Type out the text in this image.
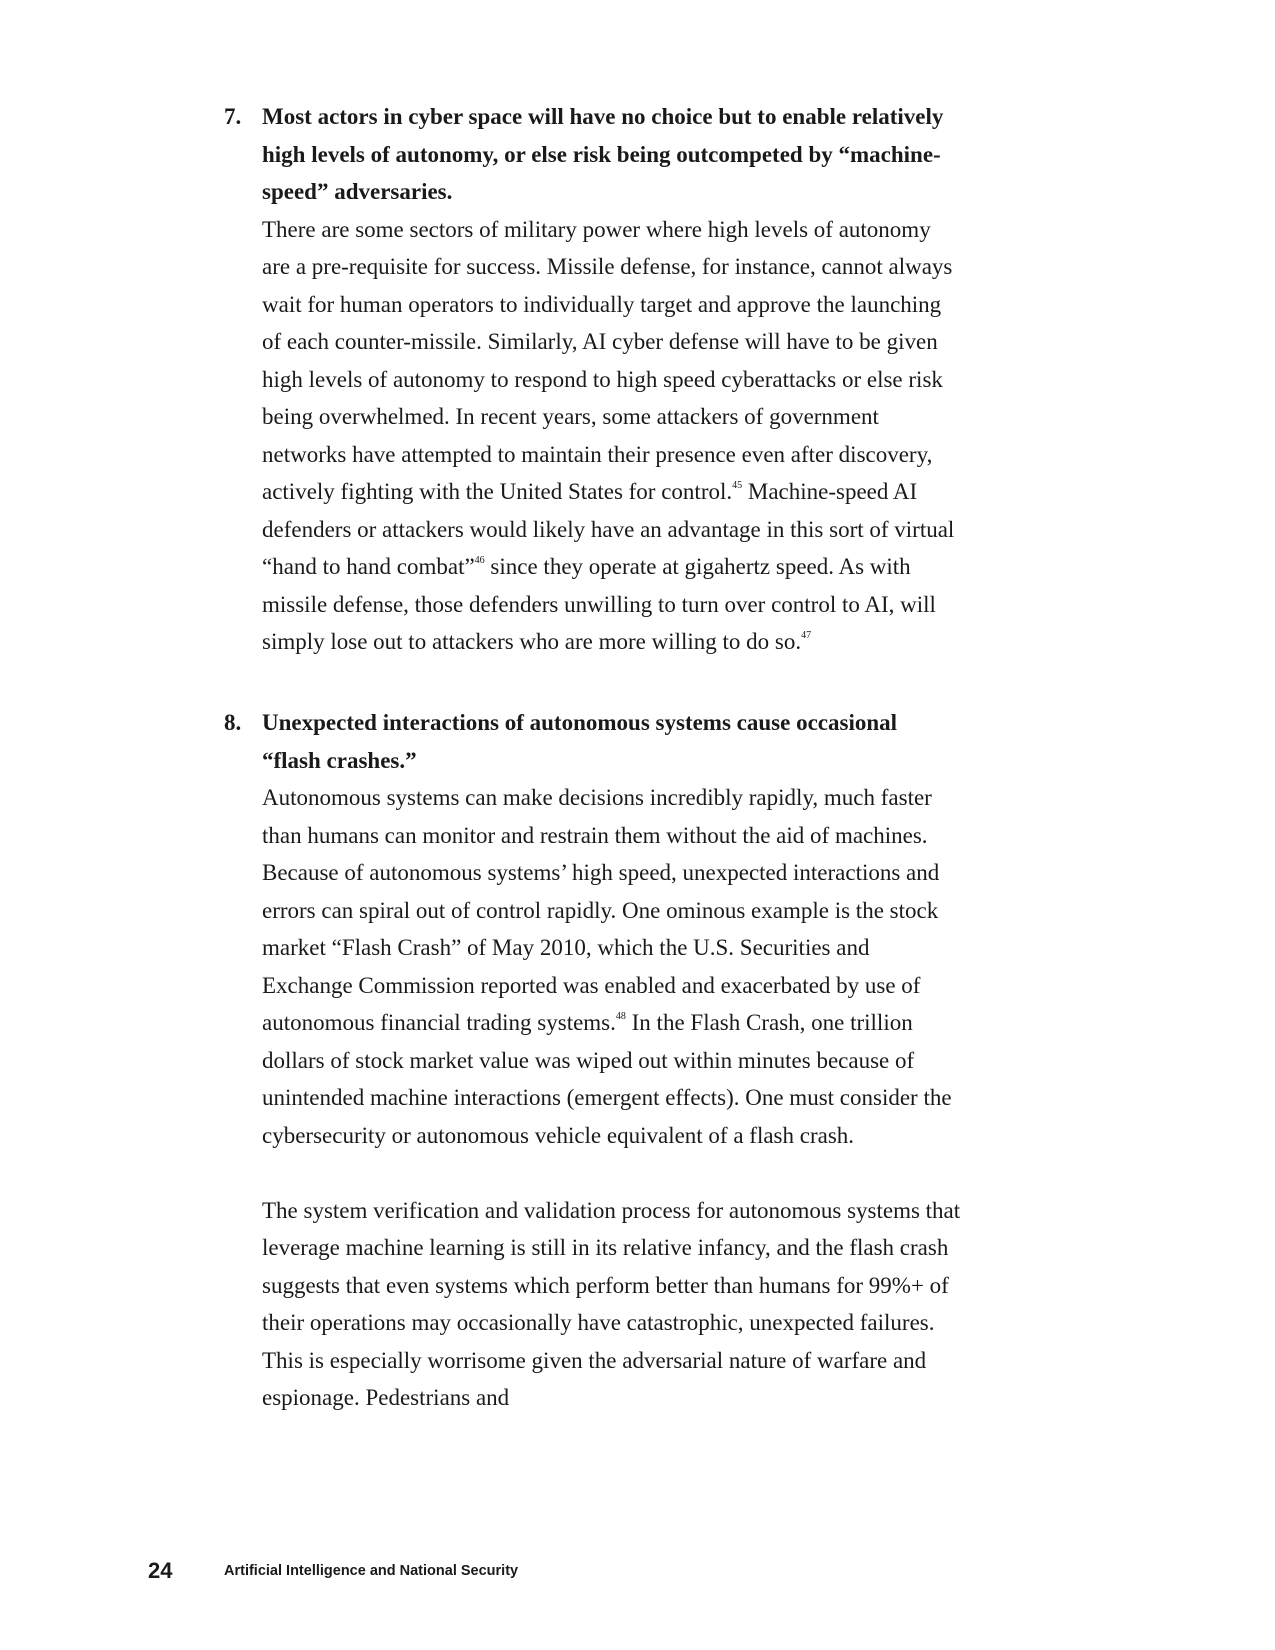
7. Most actors in cyber space will have no choice but to enable relatively high levels of autonomy, or else risk being outcompeted by “machine-speed” adversaries.

There are some sectors of military power where high levels of autonomy are a pre-requisite for success. Missile defense, for instance, cannot always wait for human operators to individually target and approve the launching of each counter-missile. Similarly, AI cyber defense will have to be given high levels of autonomy to respond to high speed cyberattacks or else risk being overwhelmed. In recent years, some attackers of government networks have attempted to maintain their presence even after discovery, actively fighting with the United States for control.$^{45}$ Machine-speed AI defenders or attackers would likely have an advantage in this sort of virtual “hand to hand combat”$^{46}$ since they operate at gigahertz speed. As with missile defense, those defenders unwilling to turn over control to AI, will simply lose out to attackers who are more willing to do so.$^{47}$

8. Unexpected interactions of autonomous systems cause occasional “flash crashes.”

Autonomous systems can make decisions incredibly rapidly, much faster than humans can monitor and restrain them without the aid of machines. Because of autonomous systems’ high speed, unexpected interactions and errors can spiral out of control rapidly. One ominous example is the stock market “Flash Crash” of May 2010, which the U.S. Securities and Exchange Commission reported was enabled and exacerbated by use of autonomous financial trading systems.$^{48}$ In the Flash Crash, one trillion dollars of stock market value was wiped out within minutes because of unintended machine interactions (emergent effects). One must consider the cybersecurity or autonomous vehicle equivalent of a flash crash.

The system verification and validation process for autonomous systems that leverage machine learning is still in its relative infancy, and the flash crash suggests that even systems which perform better than humans for 99%+ of their operations may occasionally have catastrophic, unexpected failures. This is especially worrisome given the adversarial nature of warfare and espionage. Pedestrians and

24	Artificial Intelligence and National Security
